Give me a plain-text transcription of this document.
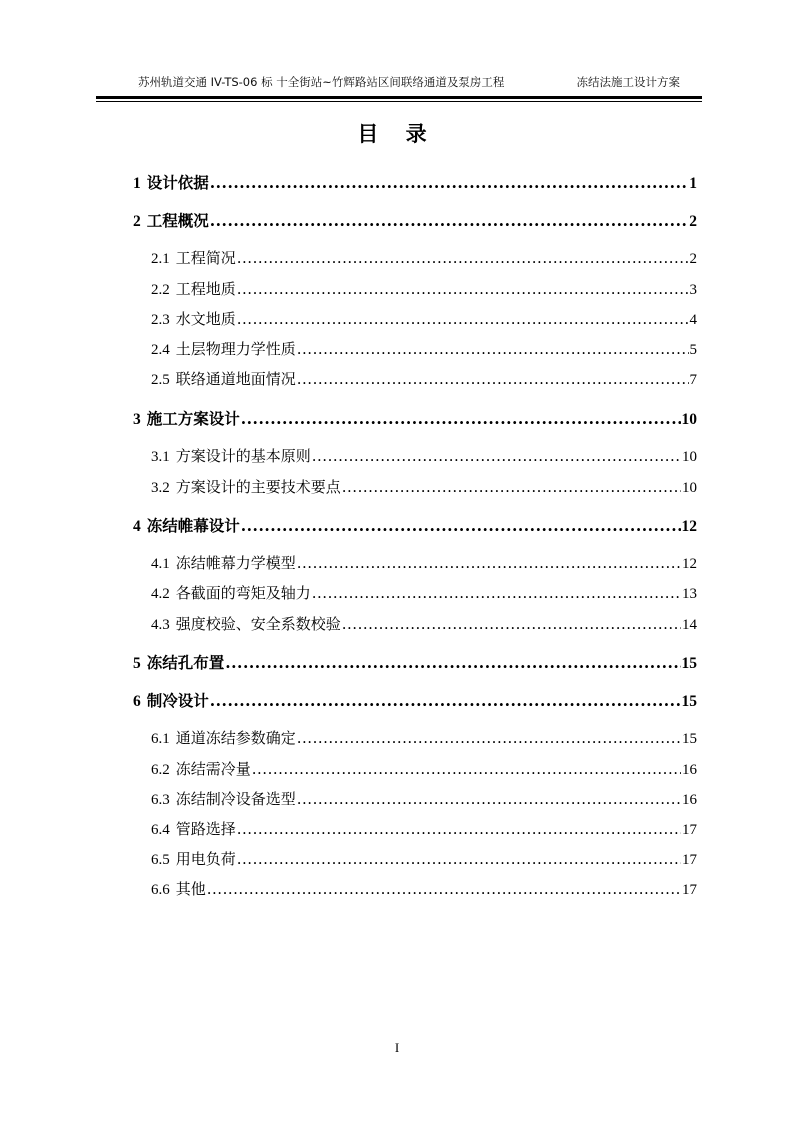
苏州轨道交通 IV-TS-06 标 十全街站~竹辉路站区间联络通道及泵房工程	冻结法施工设计方案
目 录
1 设计依据 .....	1
2 工程概况 .....	2
2.1 工程简况 .....	2
2.2 工程地质 .....	3
2.3 水文地质 .....	4
2.4 土层物理力学性质 .....	5
2.5 联络通道地面情况 .....	7
3 施工方案设计 .....	10
3.1 方案设计的基本原则 .....	10
3.2 方案设计的主要技术要点 .....	10
4 冻结帷幕设计 .....	12
4.1 冻结帷幕力学模型 .....	12
4.2 各截面的弯矩及轴力 .....	13
4.3 强度校验、安全系数校验 .....	14
5 冻结孔布置 .....	15
6 制冷设计 .....	15
6.1 通道冻结参数确定 .....	15
6.2 冻结需冷量 .....	16
6.3 冻结制冷设备选型 .....	16
6.4 管路选择 .....	17
6.5 用电负荷 .....	17
6.6 其他 .....	17
I
